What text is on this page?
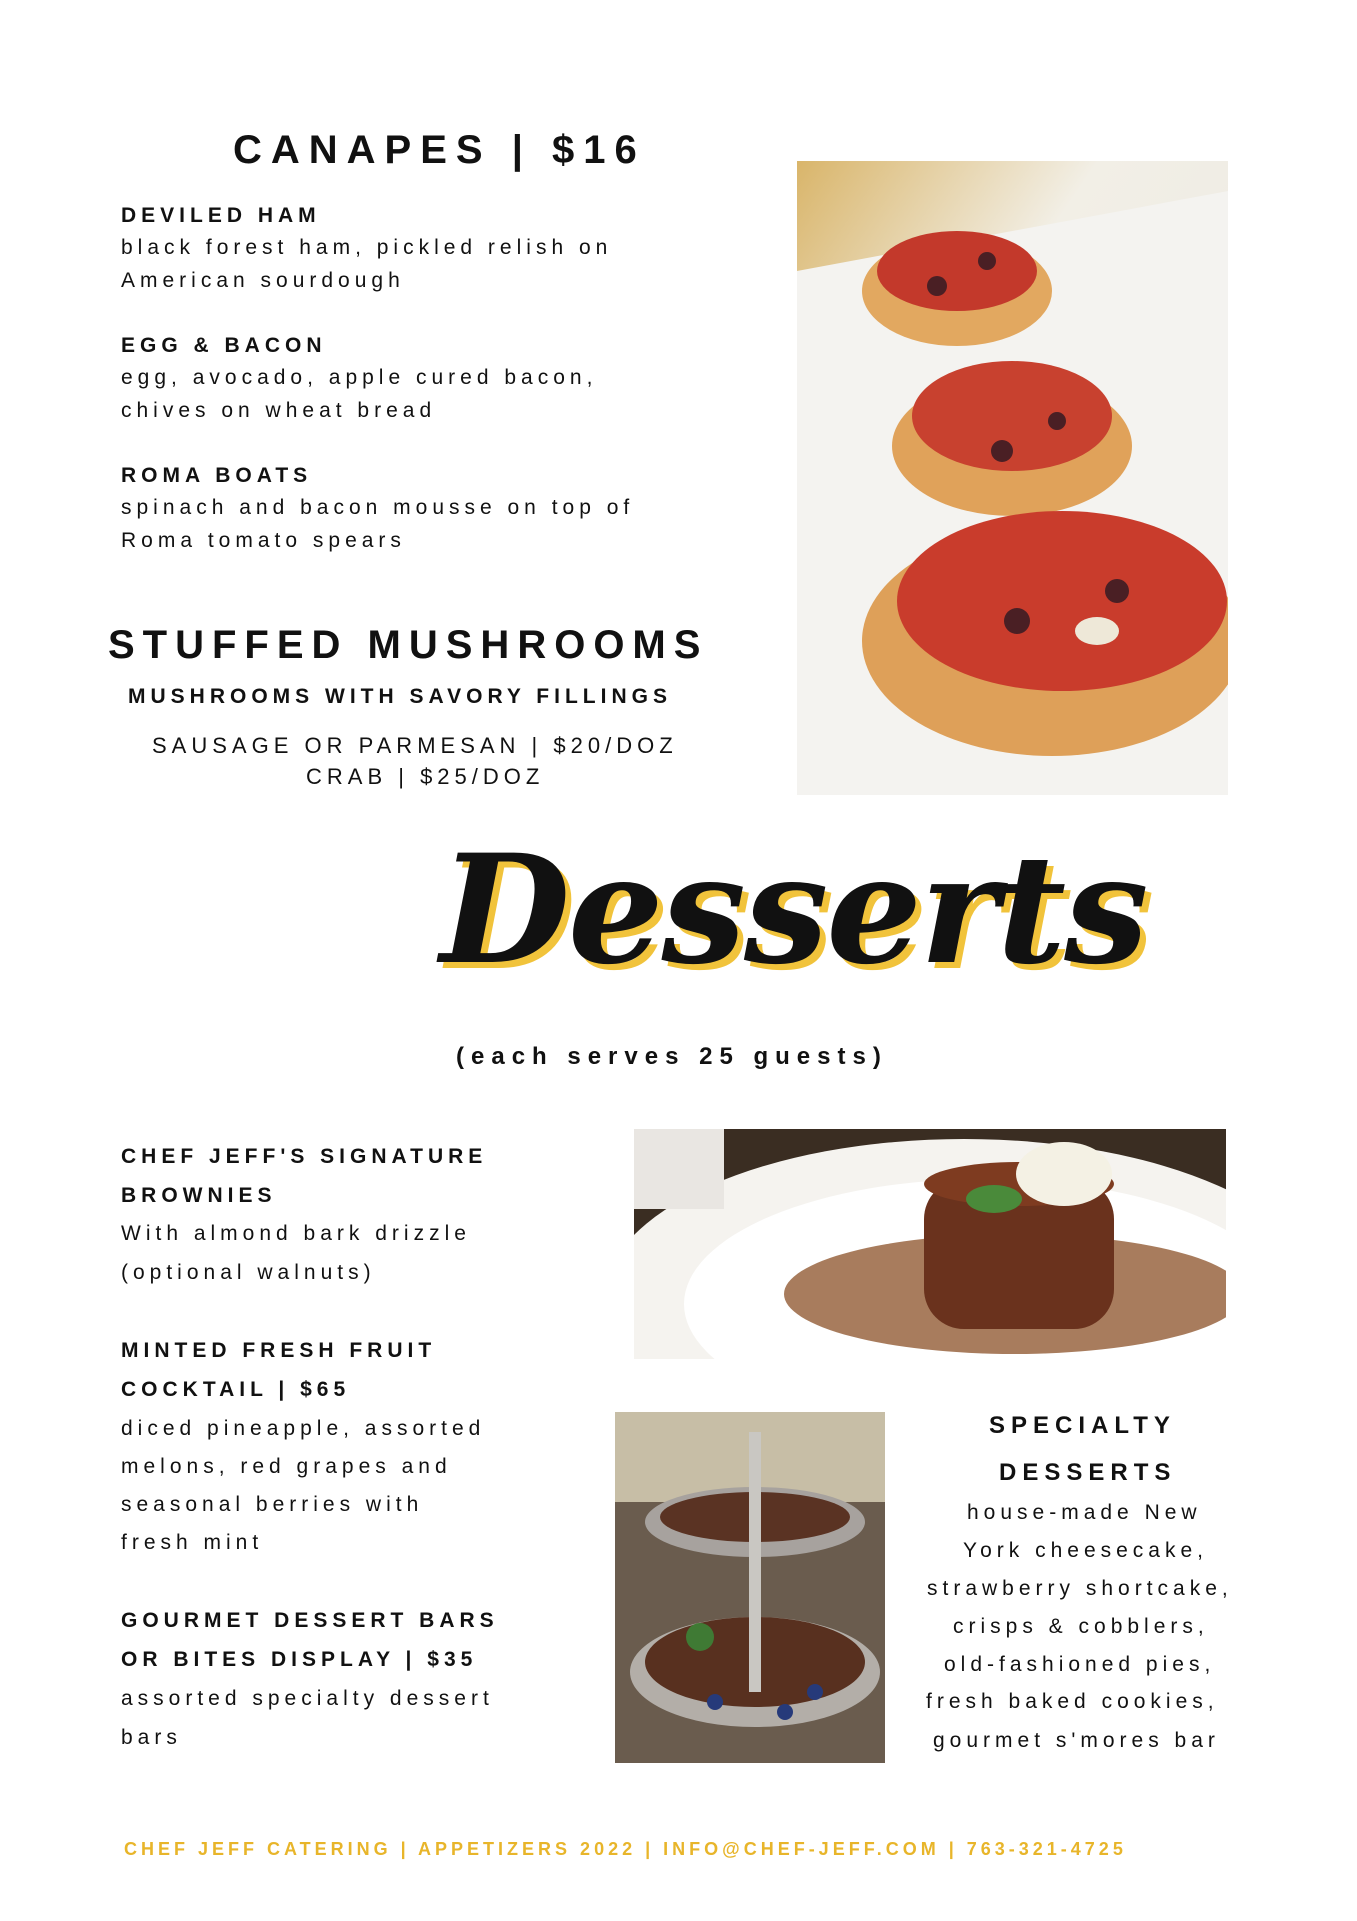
CANAPES | $16
DEVILED HAM
black forest ham, pickled relish on
American sourdough
EGG & BACON
egg, avocado, apple cured bacon,
chives on wheat bread
ROMA BOATS
spinach and bacon mousse on top of
Roma tomato spears
STUFFED MUSHROOMS
MUSHROOMS WITH SAVORY FILLINGS
SAUSAGE OR PARMESAN | $20/DOZ
CRAB | $25/DOZ
Desserts
(each serves 25 guests)
CHEF JEFF'S SIGNATURE
BROWNIES
With almond bark drizzle
(optional walnuts)
MINTED FRESH FRUIT
COCKTAIL | $65
diced pineapple, assorted
melons, red grapes and
seasonal berries with
fresh mint
GOURMET DESSERT BARS
OR BITES DISPLAY | $35
assorted specialty dessert
bars
SPECIALTY
DESSERTS
house-made New
York cheesecake,
strawberry shortcake,
crisps & cobblers,
old-fashioned pies,
fresh baked cookies,
gourmet s'mores bar
CHEF JEFF CATERING | APPETIZERS 2022 | INFO@CHEF-JEFF.COM | 763-321-4725
